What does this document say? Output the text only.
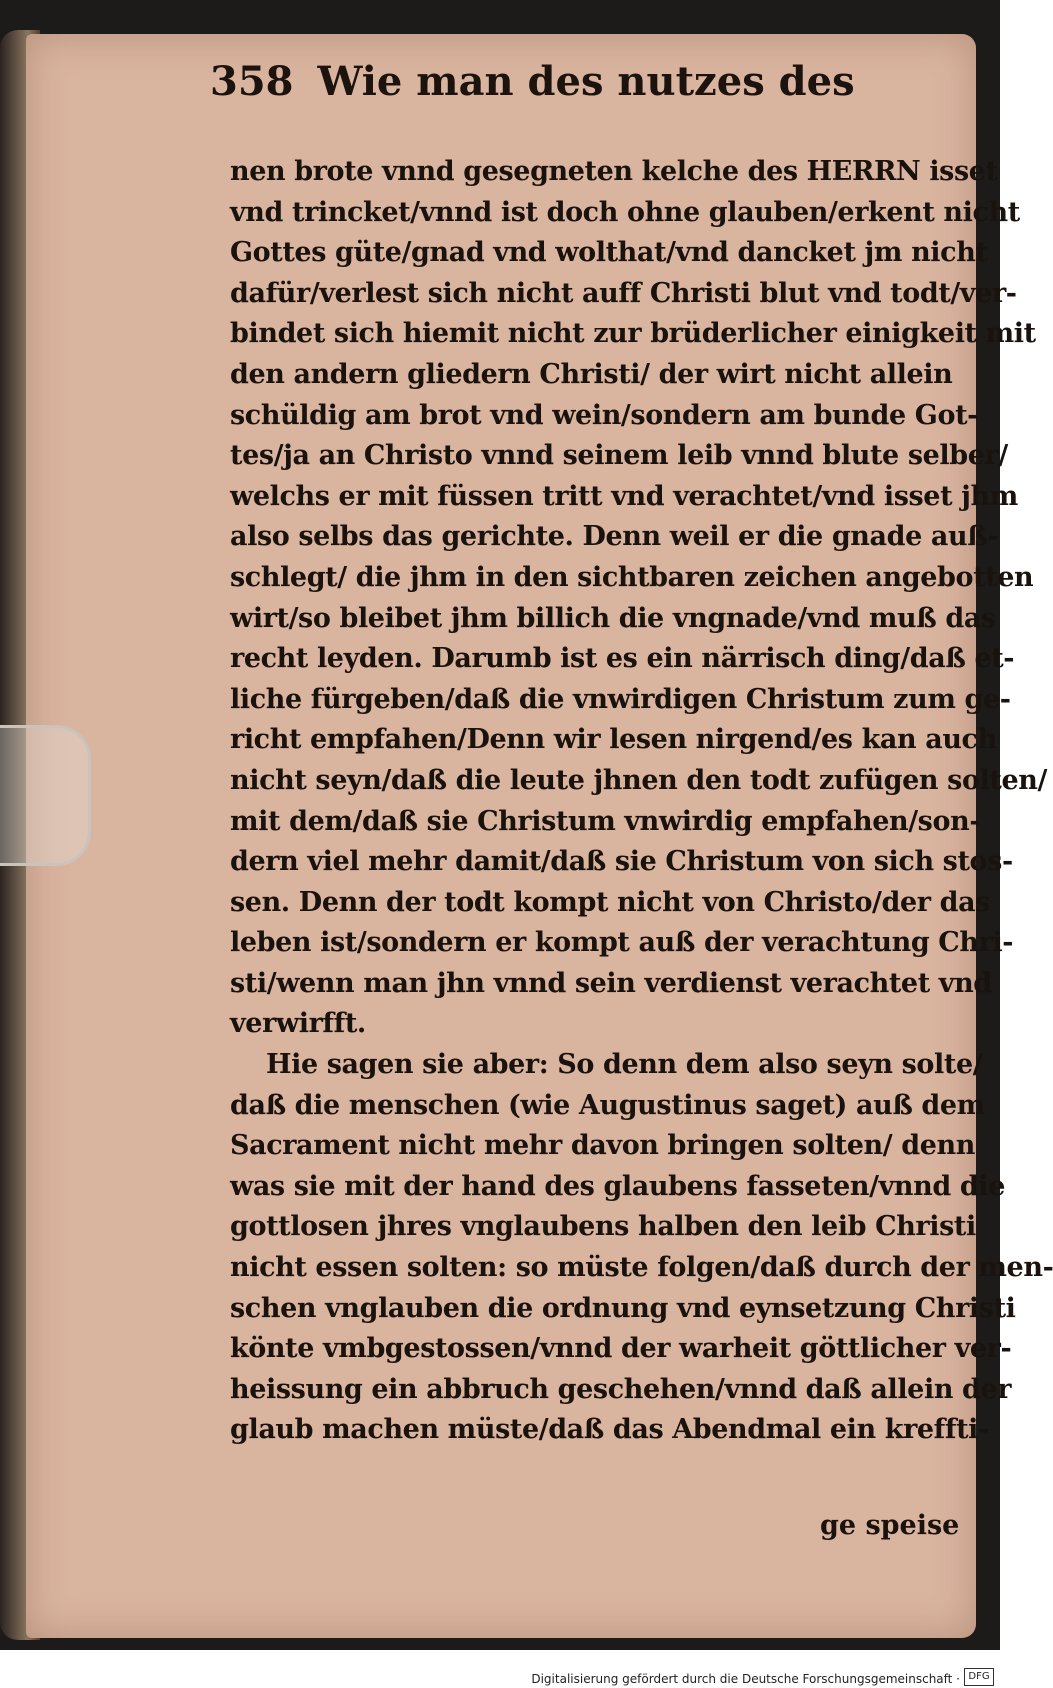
358 Wie man des nutzes des
nen brote vnnd gesegneten kelche des HERRN isset
vnd trincket/vnnd ist doch ohne glauben/erkent nicht
Gottes güte/gnad vnd wolthat/vnd dancket jm nicht
dafür/verlest sich nicht auff Christi blut vnd todt/ver-
bindet sich hiemit nicht zur brüderlicher einigkeit mit
den andern gliedern Christi/ der wirt nicht allein
schüldig am brot vnd wein/sondern am bunde Got-
tes/ja an Christo vnnd seinem leib vnnd blute selber/
welchs er mit füssen tritt vnd verachtet/vnd isset jhm
also selbs das gerichte. Denn weil er die gnade auß-
schlegt/ die jhm in den sichtbaren zeichen angebotten
wirt/so bleibet jhm billich die vngnade/vnd muß das
recht leyden. Darumb ist es ein närrisch ding/daß et-
liche fürgeben/daß die vnwirdigen Christum zum ge-
richt empfahen/Denn wir lesen nirgend/es kan auch
nicht seyn/daß die leute jhnen den todt zufügen solten/
mit dem/daß sie Christum vnwirdig empfahen/son-
dern viel mehr damit/daß sie Christum von sich stos-
sen. Denn der todt kompt nicht von Christo/der das
leben ist/sondern er kompt auß der verachtung Chri-
sti/wenn man jhn vnnd sein verdienst verachtet vnd
verwirfft.
Hie sagen sie aber: So denn dem also seyn solte/
daß die menschen (wie Augustinus saget) auß dem
Sacrament nicht mehr davon bringen solten/ denn
was sie mit der hand des glaubens fasseten/vnnd die
gottlosen jhres vnglaubens halben den leib Christi
nicht essen solten: so müste folgen/daß durch der men-
schen vnglauben die ordnung vnd eynsetzung Christi
könte vmbgestossen/vnnd der warheit göttlicher ver-
heissung ein abbruch geschehen/vnnd daß allein der
glaub machen müste/daß das Abendmal ein kreffti-
ge speise
Digitalisierung gefördert durch die Deutsche Forschungsgemeinschaft · DFG
